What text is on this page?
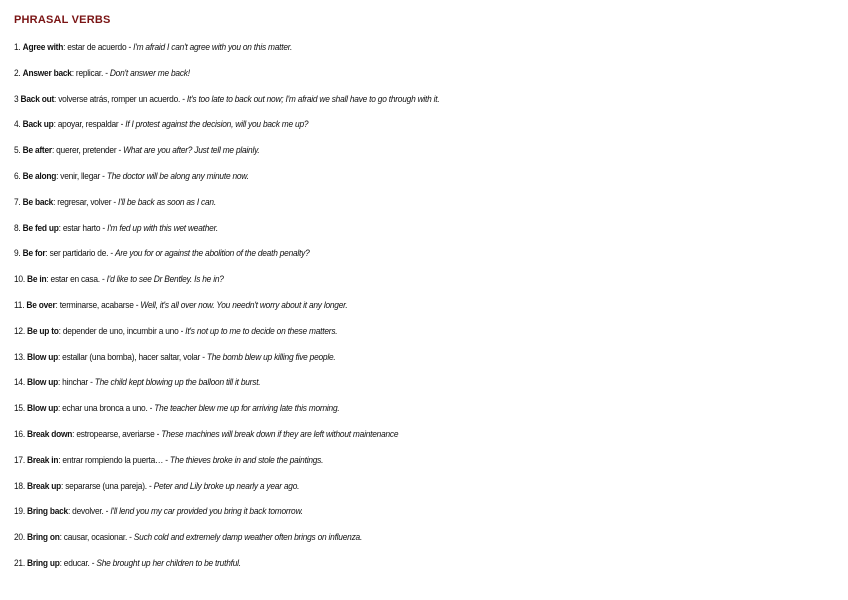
PHRASAL VERBS
1. Agree with: estar de acuerdo - I'm afraid I can't agree with you on this matter.
2. Answer back: replicar. - Don't answer me back!
3 Back out: volverse atrás, romper un acuerdo. - It's too late to back out now; I'm afraid we shall have to go through with it.
4. Back up: apoyar, respaldar - If I protest against the decision, will you back me up?
5. Be after: querer, pretender - What are you after? Just tell me plainly.
6. Be along: venir, llegar - The doctor will be along any minute now.
7. Be back: regresar, volver - I'll be back as soon as I can.
8. Be fed up: estar harto - I'm fed up with this wet weather.
9. Be for: ser partidario de. - Are you for or against the abolition of the death penalty?
10. Be in: estar en casa. - I'd like to see Dr Bentley. Is he in?
11. Be over: terminarse, acabarse - Well, it's all over now. You needn't worry about it any longer.
12. Be up to: depender de uno, incumbir a uno - It's not up to me to decide on these matters.
13. Blow up: estallar (una bomba), hacer saltar, volar - The bomb blew up killing five people.
14. Blow up: hinchar - The child kept blowing up the balloon till it burst.
15. Blow up: echar una bronca a uno. - The teacher blew me up for arriving late this morning.
16. Break down: estropearse, averiarse - These machines will break down if they are left without maintenance
17. Break in: entrar rompiendo la puerta… - The thieves broke in and stole the paintings.
18. Break up: separarse (una pareja). - Peter and Lily broke up nearly a year ago.
19. Bring back: devolver. - I'll lend you my car provided you bring it back tomorrow.
20. Bring on: causar, ocasionar. - Such cold and extremely damp weather often brings on influenza.
21. Bring up: educar. - She brought up her children to be truthful.
